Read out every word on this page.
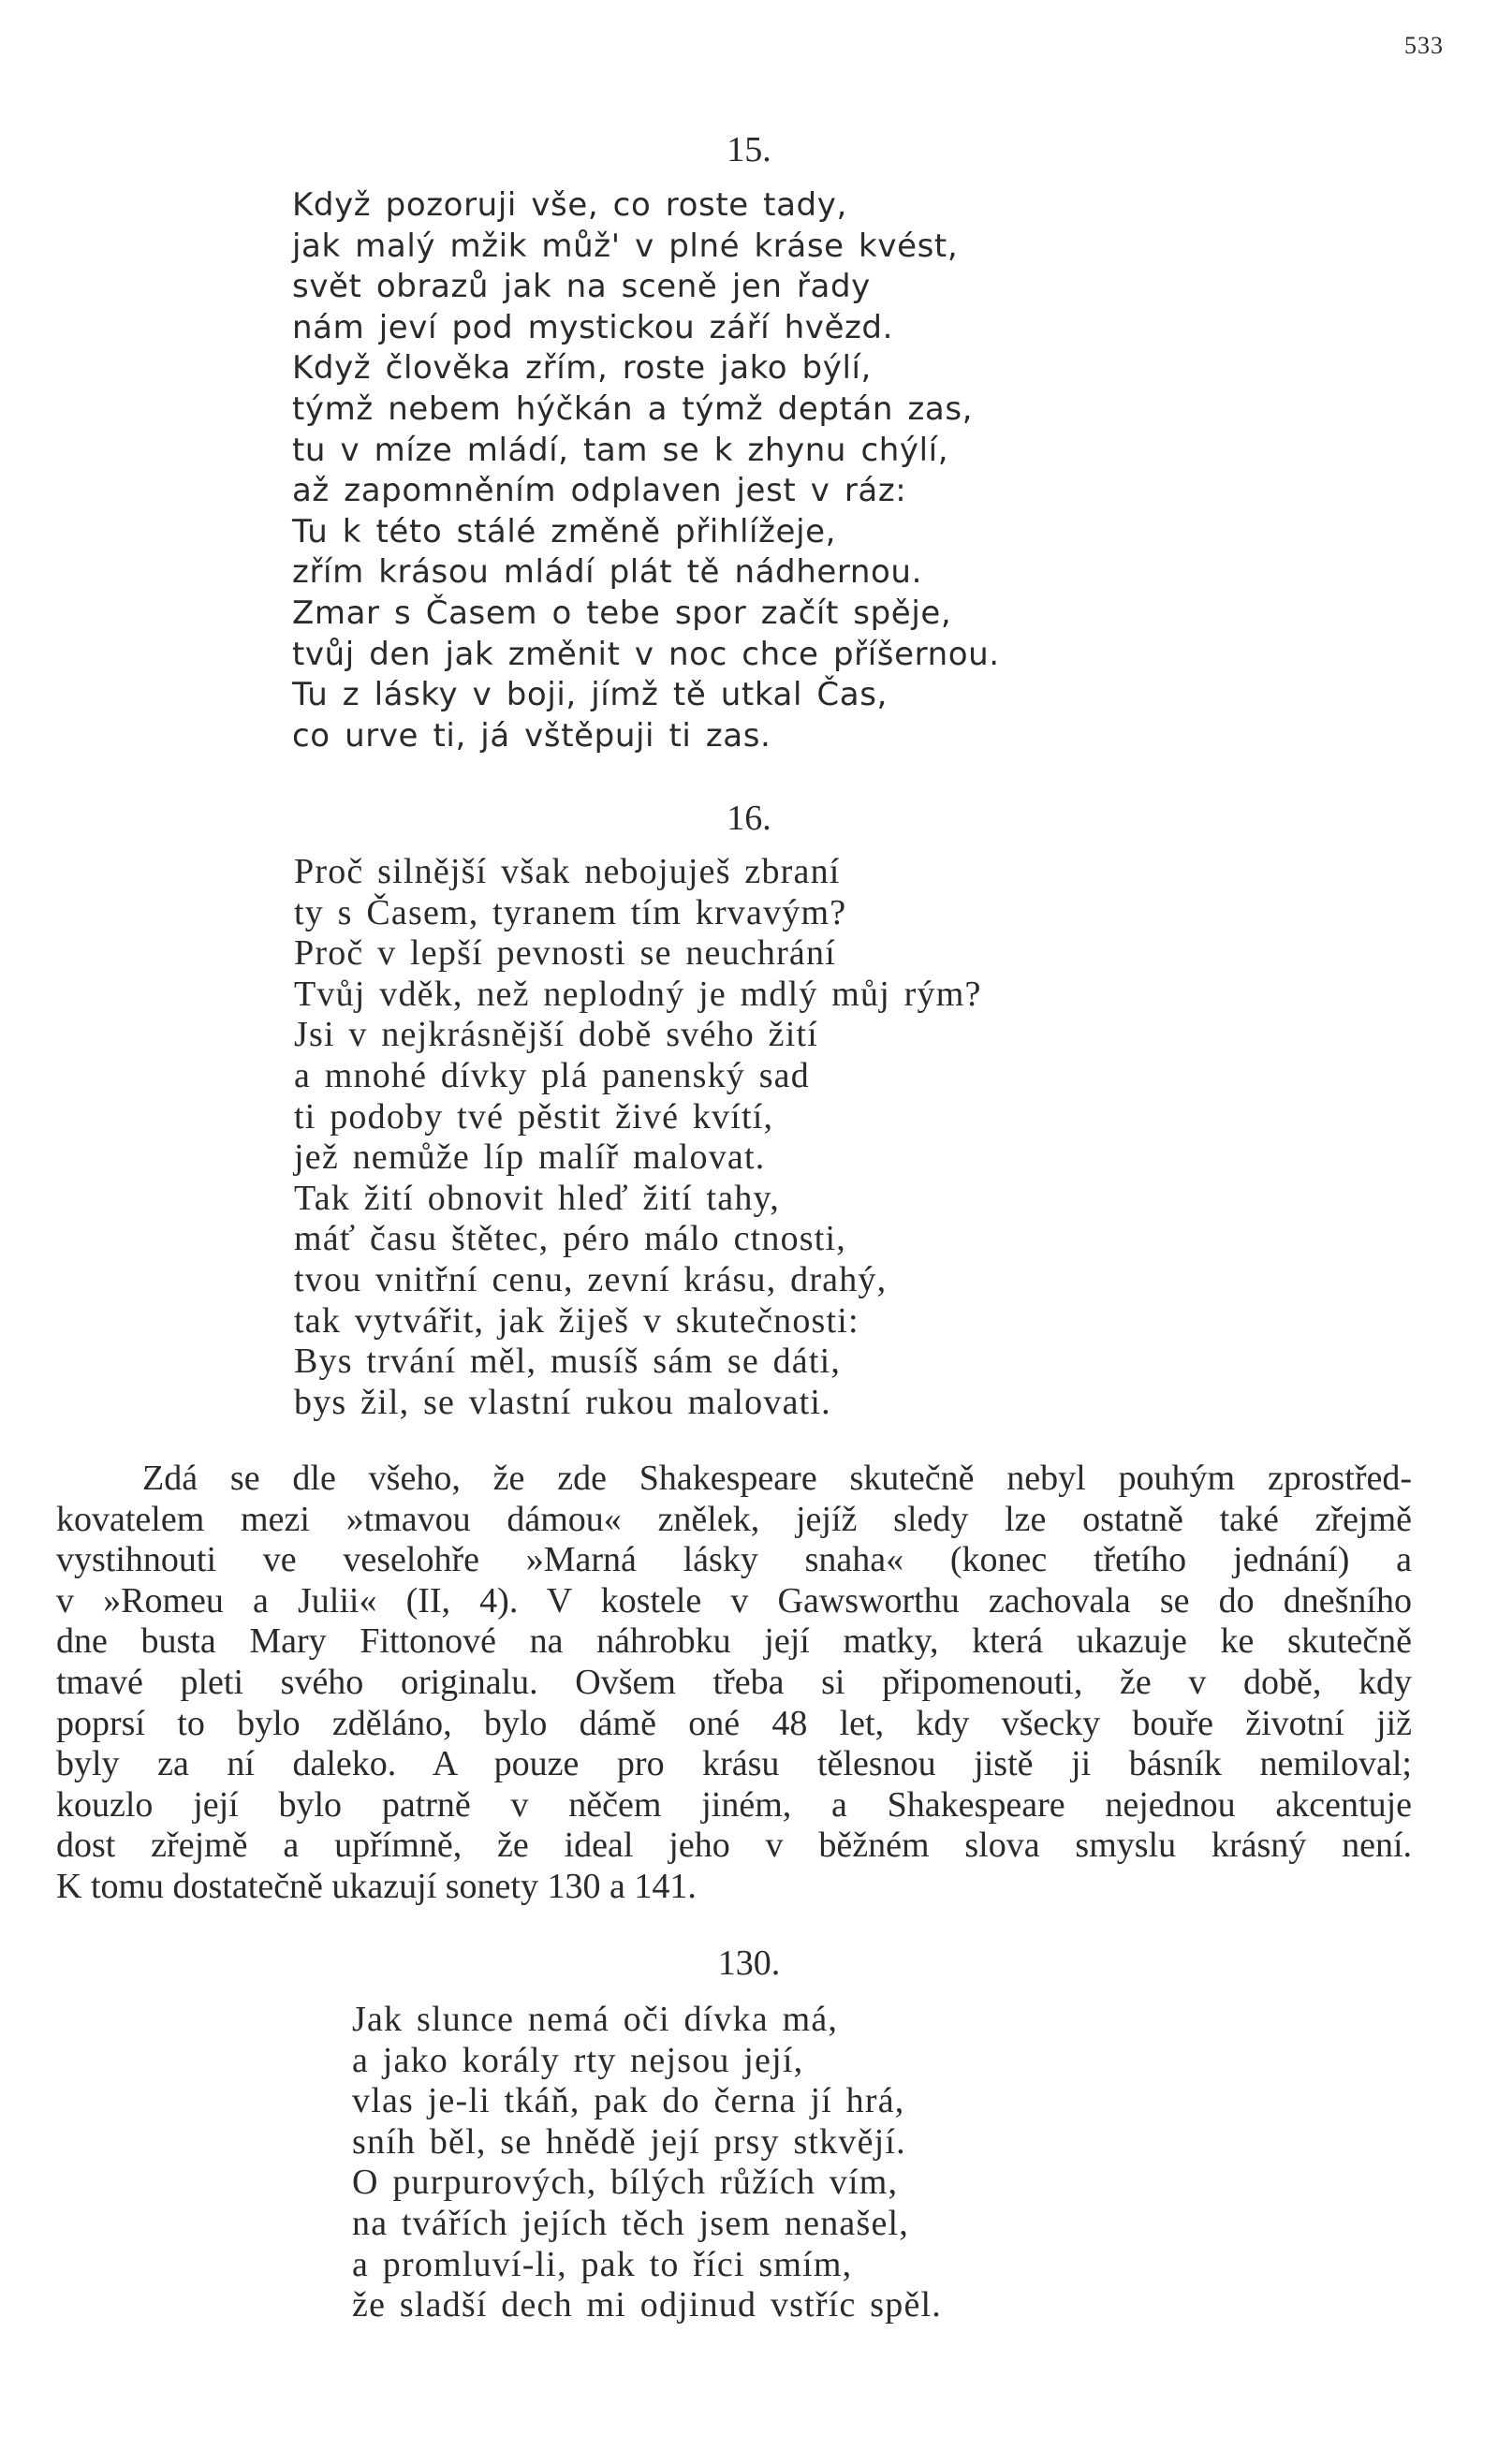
533
15.
Když pozoruji vše, co roste tady,
jak malý mžik můž' v plné kráse kvést,
svět obrazů jak na sceně jen řady
nám jeví pod mystickou září hvězd.
Když člověka zřím, roste jako býlí,
týmž nebem hýčkán a týmž deptán zas,
tu v míze mládí, tam se k zhynu chýlí,
až zapomněním odplaven jest v ráz:
Tu k této stálé změně přihlížeje,
zřím krásou mládí plát tě nádhernou.
Zmar s Časem o tebe spor začít spěje,
tvůj den jak změnit v noc chce příšernou.
Tu z lásky v boji, jímž tě utkal Čas,
co urve ti, já vštěpuji ti zas.
16.
Proč silnější však nebojuješ zbraní
ty s Časem, tyranem tím krvavým?
Proč v lepší pevnosti se neuchrání
Tvůj vděk, než neplodný je mdlý můj rým?
Jsi v nejkrásnější době svého žití
a mnohé dívky plá panenský sad
ti podoby tvé pěstit živé kvítí,
jež nemůže líp malíř malovat.
Tak žití obnovit hleď žití tahy,
máť času štětec, péro málo ctnosti,
tvou vnitřní cenu, zevní krásu, drahý,
tak vytvářit, jak žiješ v skutečnosti:
Bys trvání měl, musíš sám se dáti,
bys žil, se vlastní rukou malovati.
Zdá se dle všeho, že zde Shakespeare skutečně nebyl pouhým zprostřed-
kovatelem mezi »tmavou dámou« znělek, jejíž sledy lze ostatně také zřejmě
vystihnouti ve veselohře »Marná lásky snaha« (konec třetího jednání) a
v »Romeu a Julii« (II, 4). V kostele v Gawsworthu zachovala se do dnešního
dne busta Mary Fittonové na náhrobku její matky, která ukazuje ke skutečně
tmavé pleti svého originalu. Ovšem třeba si připomenouti, že v době, kdy
poprsí to bylo zděláno, bylo dámě oné 48 let, kdy všecky bouře životní již
byly za ní daleko. A pouze pro krásu tělesnou jistě ji básník nemiloval;
kouzlo její bylo patrně v něčem jiném, a Shakespeare nejednou akcentuje
dost zřejmě a upřímně, že ideal jeho v běžném slova smyslu krásný není.
K tomu dostatečně ukazují sonety 130 a 141.
130.
Jak slunce nemá oči dívka má,
a jako korály rty nejsou její,
vlas je-li tkáň, pak do černa jí hrá,
sníh běl, se hnědě její prsy stkvějí.
O purpurových, bílých růžích vím,
na tvářích jejích těch jsem nenašel,
a promluví-li, pak to říci smím,
že sladší dech mi odjinud vstříc spěl.
